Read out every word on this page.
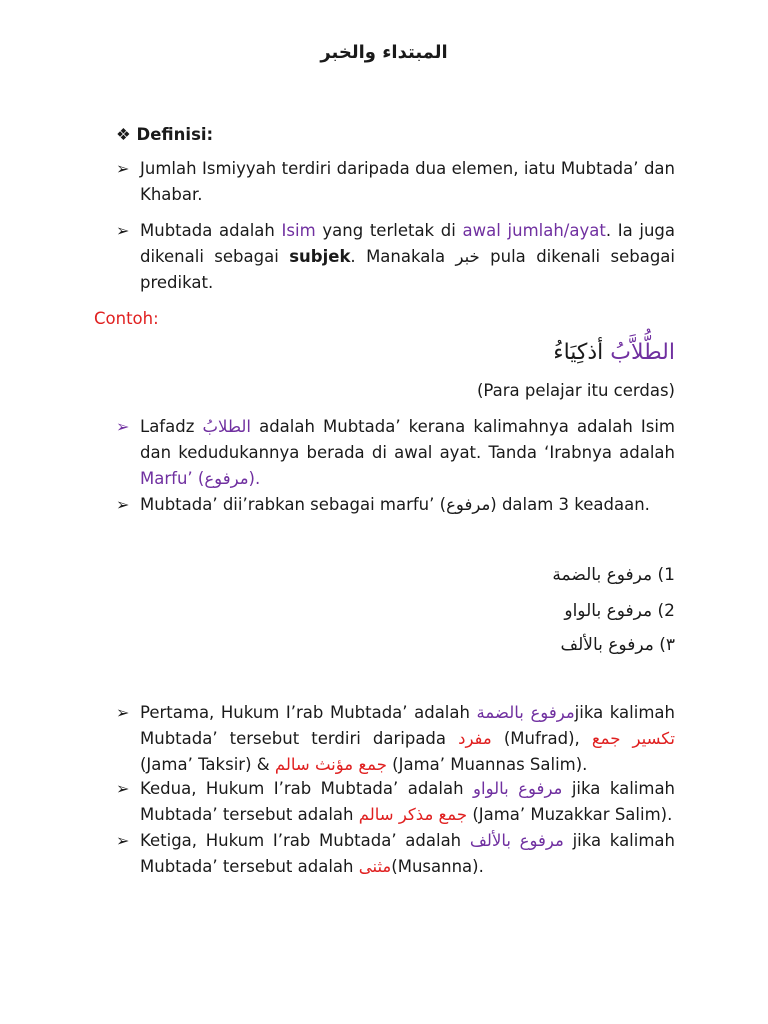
المبتداء والخبر
❖ Definisi:
➢ Jumlah Ismiyyah terdiri daripada dua elemen, iatu Mubtada’ dan
Khabar.
➢ Mubtada adalah Isim yang terletak di awal jumlah/ayat. Ia juga
dikenali sebagai subjek. Manakala خبر pula dikenali sebagai
predikat.
Contoh:
الطُّلاَّبُ أذكِيَاءُ
(Para pelajar itu cerdas)
➢ Lafadz الطلابُ adalah Mubtada’ kerana kalimahnya adalah Isim
dan kedudukannya berada di awal ayat. Tanda ‘Irabnya adalah
Marfu’ (مرفوع).
➢ Mubtada’ dii’rabkan sebagai marfu’ (مرفوع) dalam 3 keadaan.
1) مرفوع بالضمة
2) مرفوع بالواو
٣) مرفوع بالألف
➢ Pertama, Hukum I’rab Mubtada’ adalah مرفوع بالضمةjika kalimah
Mubtada’ tersebut terdiri daripada مفرد (Mufrad), تكسير جمع
(Jama’ Taksir) & جمع مؤنث سالم (Jama’ Muannas Salim).
➢ Kedua, Hukum I’rab Mubtada’ adalah مرفوع بالواو jika kalimah
Mubtada’ tersebut adalah جمع مذكر سالم (Jama’ Muzakkar Salim).
➢ Ketiga, Hukum I’rab Mubtada’ adalah مرفوع بالألف jika kalimah
Mubtada’ tersebut adalah مثنى(Musanna).
